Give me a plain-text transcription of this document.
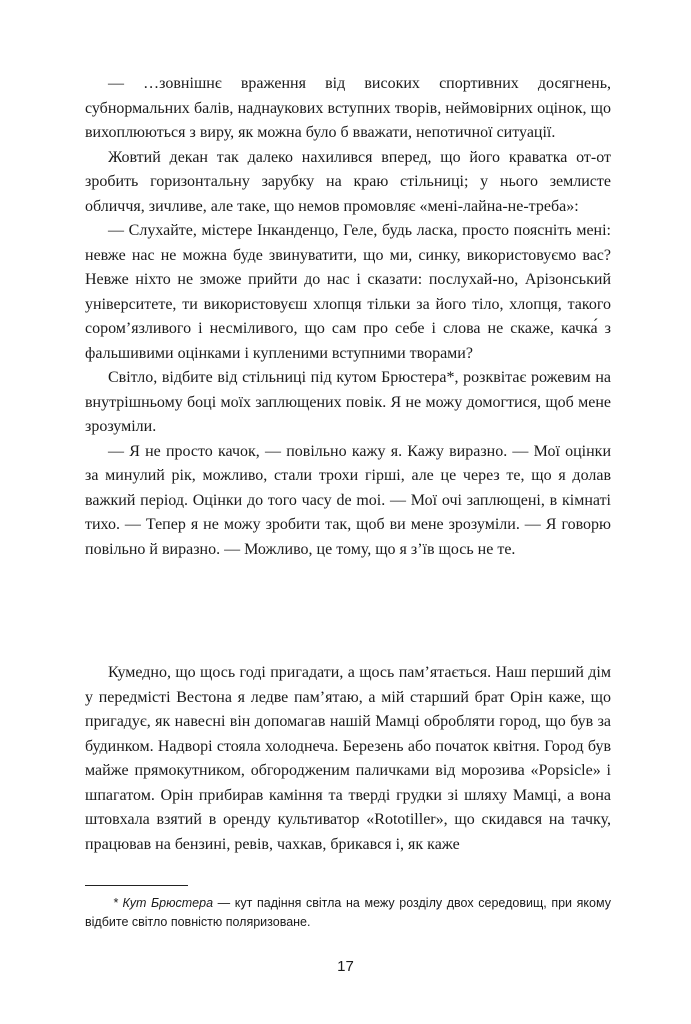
— …зовнішнє враження від високих спортивних досягнень, субнормальних балів, наднаукових вступних творів, неймовірних оцінок, що вихоплюються з виру, як можна було б вважати, непотичної ситуації.

Жовтий декан так далеко нахилився вперед, що його краватка от-от зробить горизонтальну зарубку на краю стільниці; у нього землисте обличчя, зичливе, але таке, що немов промовляє «мені-лайна-не-треба»:

— Слухайте, містере Інканденцо, Геле, будь ласка, просто поясніть мені: невже нас не можна буде звинуватити, що ми, синку, використовуємо вас? Невже ніхто не зможе прийти до нас і сказати: послухай-но, Арізонський університете, ти використовуєш хлопця тільки за його тіло, хлопця, такого сором’язливого і несміливого, що сам про себе і слова не скаже, качка́ з фальшивими оцінками і купленими вступними творами?

Світло, відбите від стільниці під кутом Брюстера*, розквітає рожевим на внутрішньому боці моїх заплющених повік. Я не можу домогтися, щоб мене зрозуміли.

— Я не просто качок, — повільно кажу я. Кажу виразно. — Мої оцінки за минулий рік, можливо, стали трохи гірші, але це через те, що я долав важкий період. Оцінки до того часу de moi. — Мої очі заплющені, в кімнаті тихо. — Тепер я не можу зробити так, щоб ви мене зрозуміли. — Я говорю повільно й виразно. — Можливо, це тому, що я з’їв щось не те.

Кумедно, що щось годі пригадати, а щось пам’ятається. Наш перший дім у передмісті Вестона я ледве пам’ятаю, а мій старший брат Орін каже, що пригадує, як навесні він допомагав нашій Мамці обробляти город, що був за будинком. Надворі стояла холоднеча. Березень або початок квітня. Город був майже прямокутником, обгородженим паличками від морозива «Popsicle» і шпагатом. Орін прибирав каміння та тверді грудки зі шляху Мамці, а вона штовхала взятий в оренду культиватор «Rototiller», що скидався на тачку, працював на бензині, ревів, чахкав, брикався і, як каже

* Кут Брюстера — кут падіння світла на межу розділу двох середовищ, при якому відбите світло повністю поляризоване.

17
